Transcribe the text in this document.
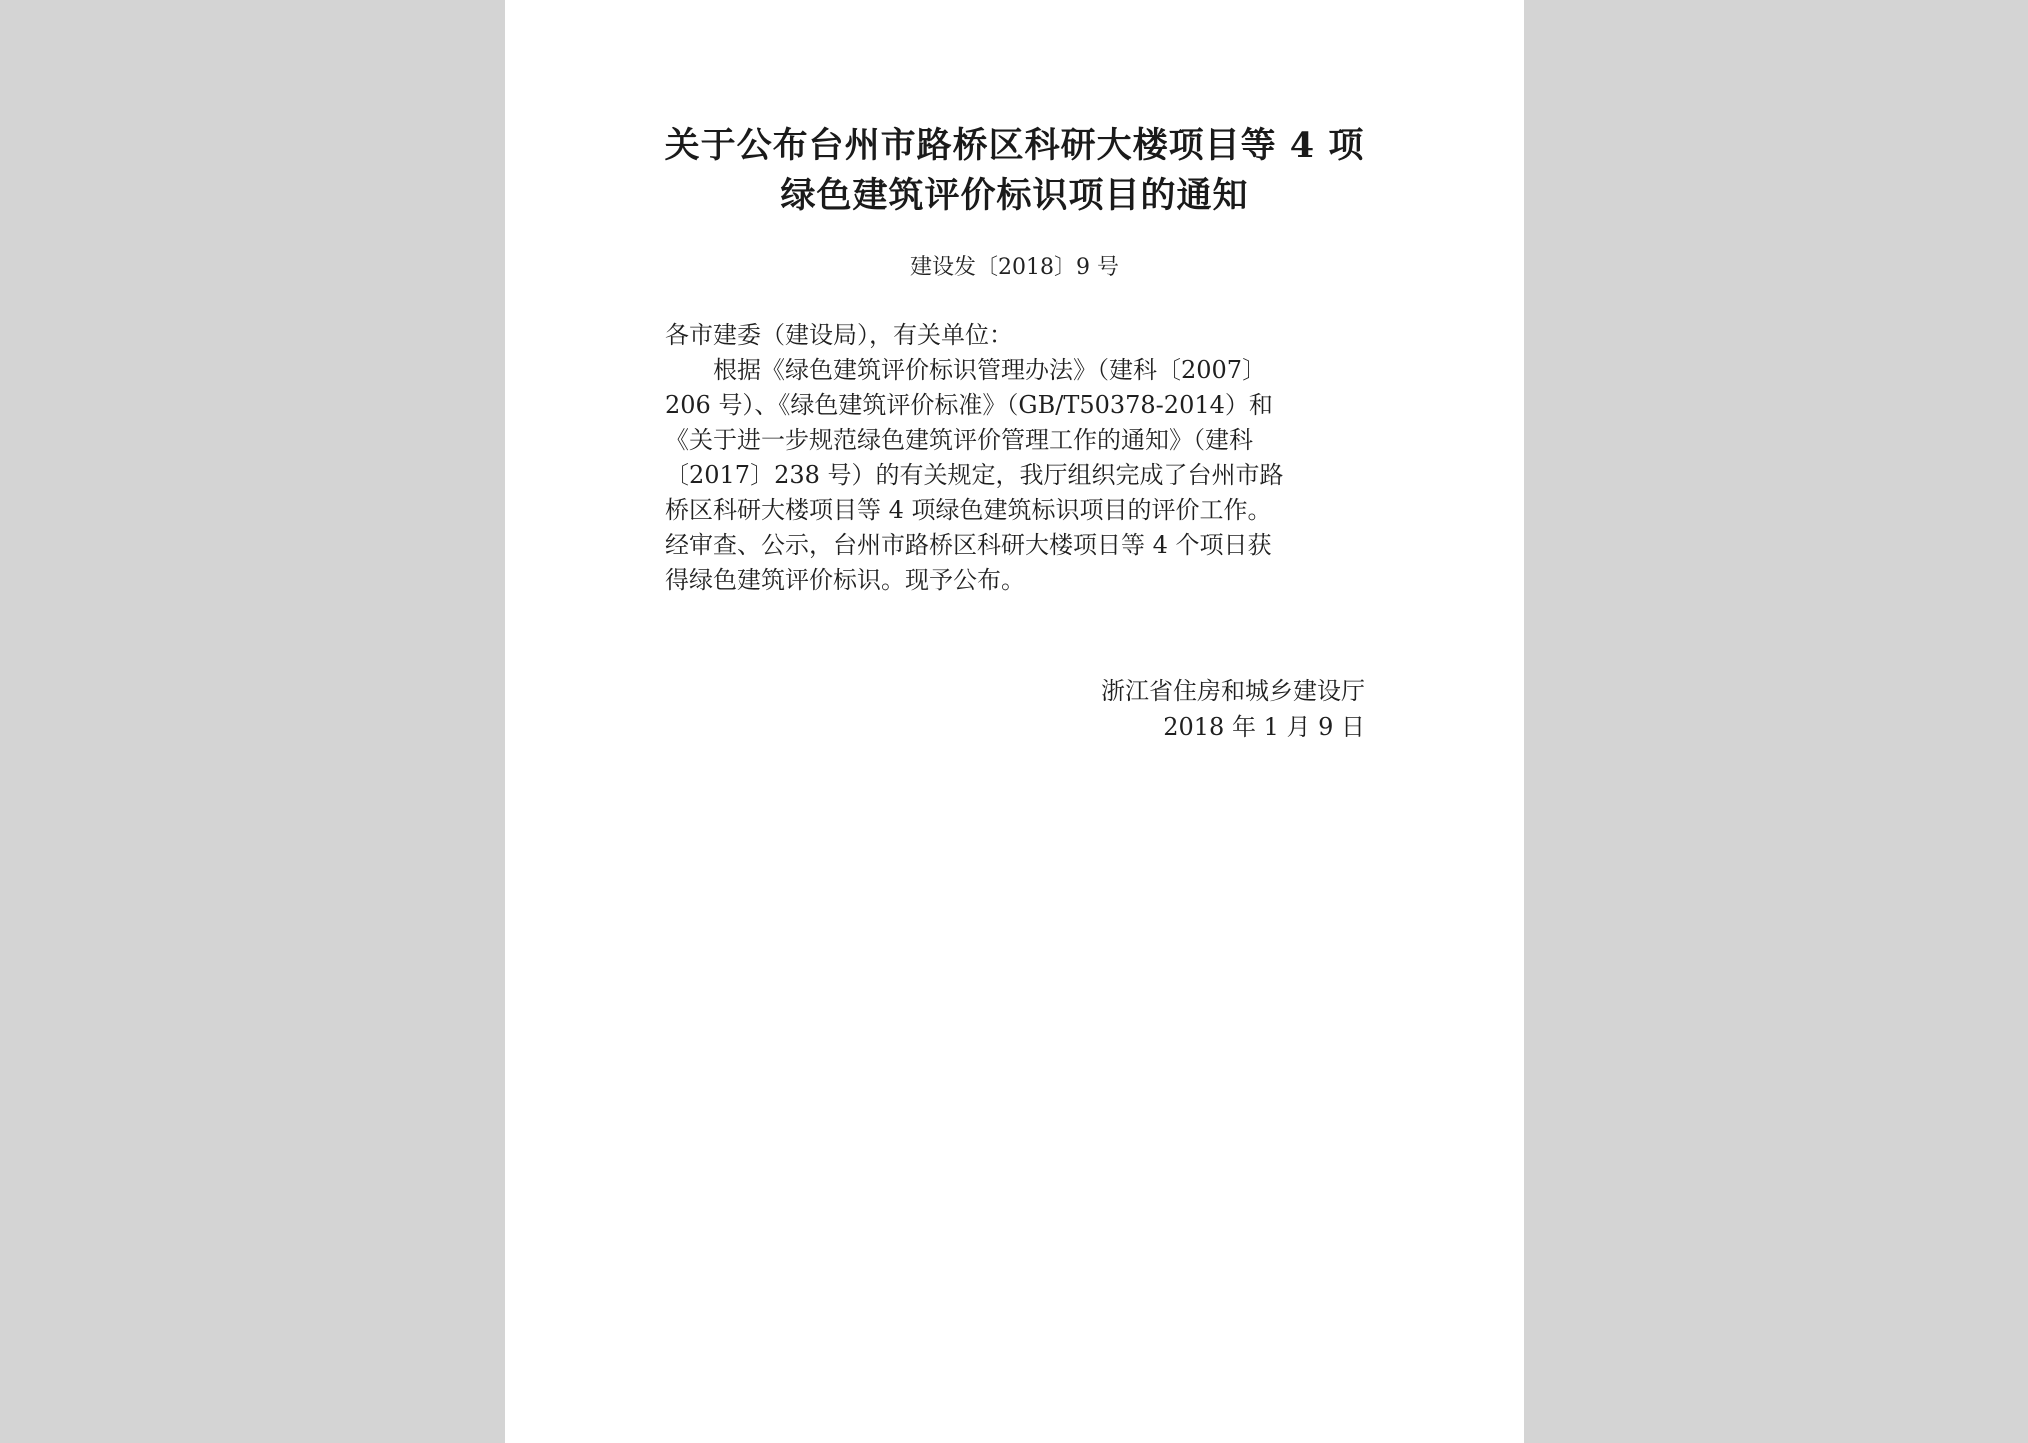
关于公布台州市路桥区科研大楼项目等 4 项
绿色建筑评价标识项目的通知
建设发〔2018〕9 号
各市建委（建设局），有关单位：
　　根据《绿色建筑评价标识管理办法》（建科〔2007〕
206 号）、《绿色建筑评价标准》（GB/T50378-2014）和
《关于进一步规范绿色建筑评价管理工作的通知》（建科
〔2017〕238 号）的有关规定，我厅组织完成了台州市路
桥区科研大楼项目等 4 项绿色建筑标识项目的评价工作。
经审查、公示，台州市路桥区科研大楼项日等 4 个项日获
得绿色建筑评价标识。现予公布。
浙江省住房和城乡建设厅
2018 年 1 月 9 日
